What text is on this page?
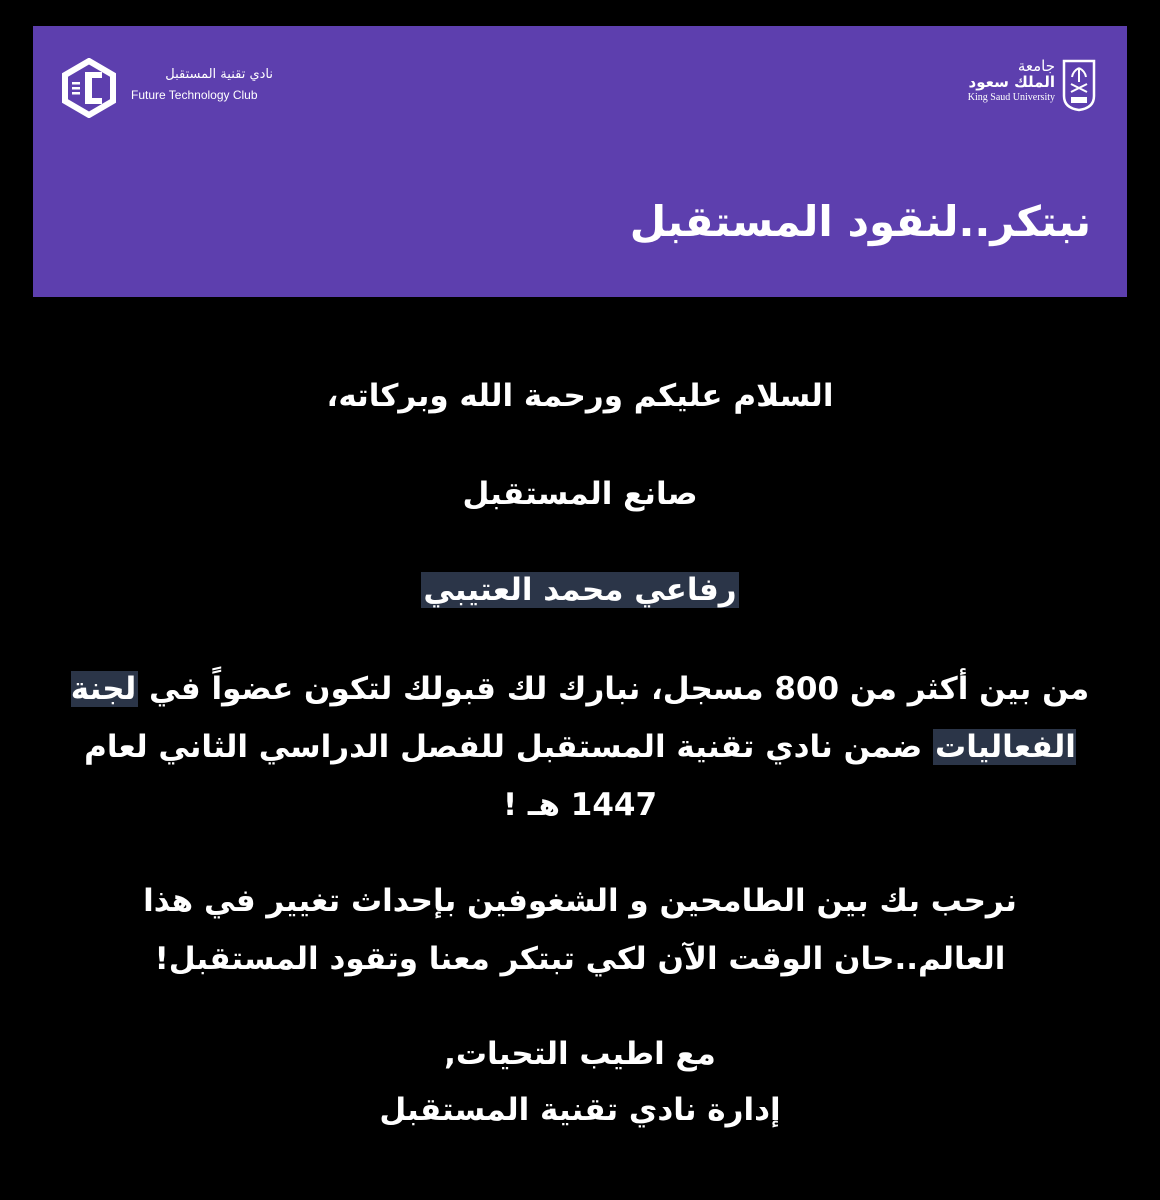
نادي تقنية المستقبل
Future Technology Club
جامعة
الملك سعود
King Saud University
نبتكر..لنقود المستقبل

السلام عليكم ورحمة الله وبركاته،

صانع المستقبل

رفاعي محمد العتيبي

من بين أكثر من 800 مسجل، نبارك لك قبولك لتكون عضواً في لجنة الفعاليات ضمن نادي تقنية المستقبل للفصل الدراسي الثاني لعام 1447 هـ !

نرحب بك بين الطامحين و الشغوفين بإحداث تغيير في هذا
العالم..حان الوقت الآن لكي تبتكر معنا وتقود المستقبل!

مع اطيب التحيات,
إدارة نادي تقنية المستقبل
